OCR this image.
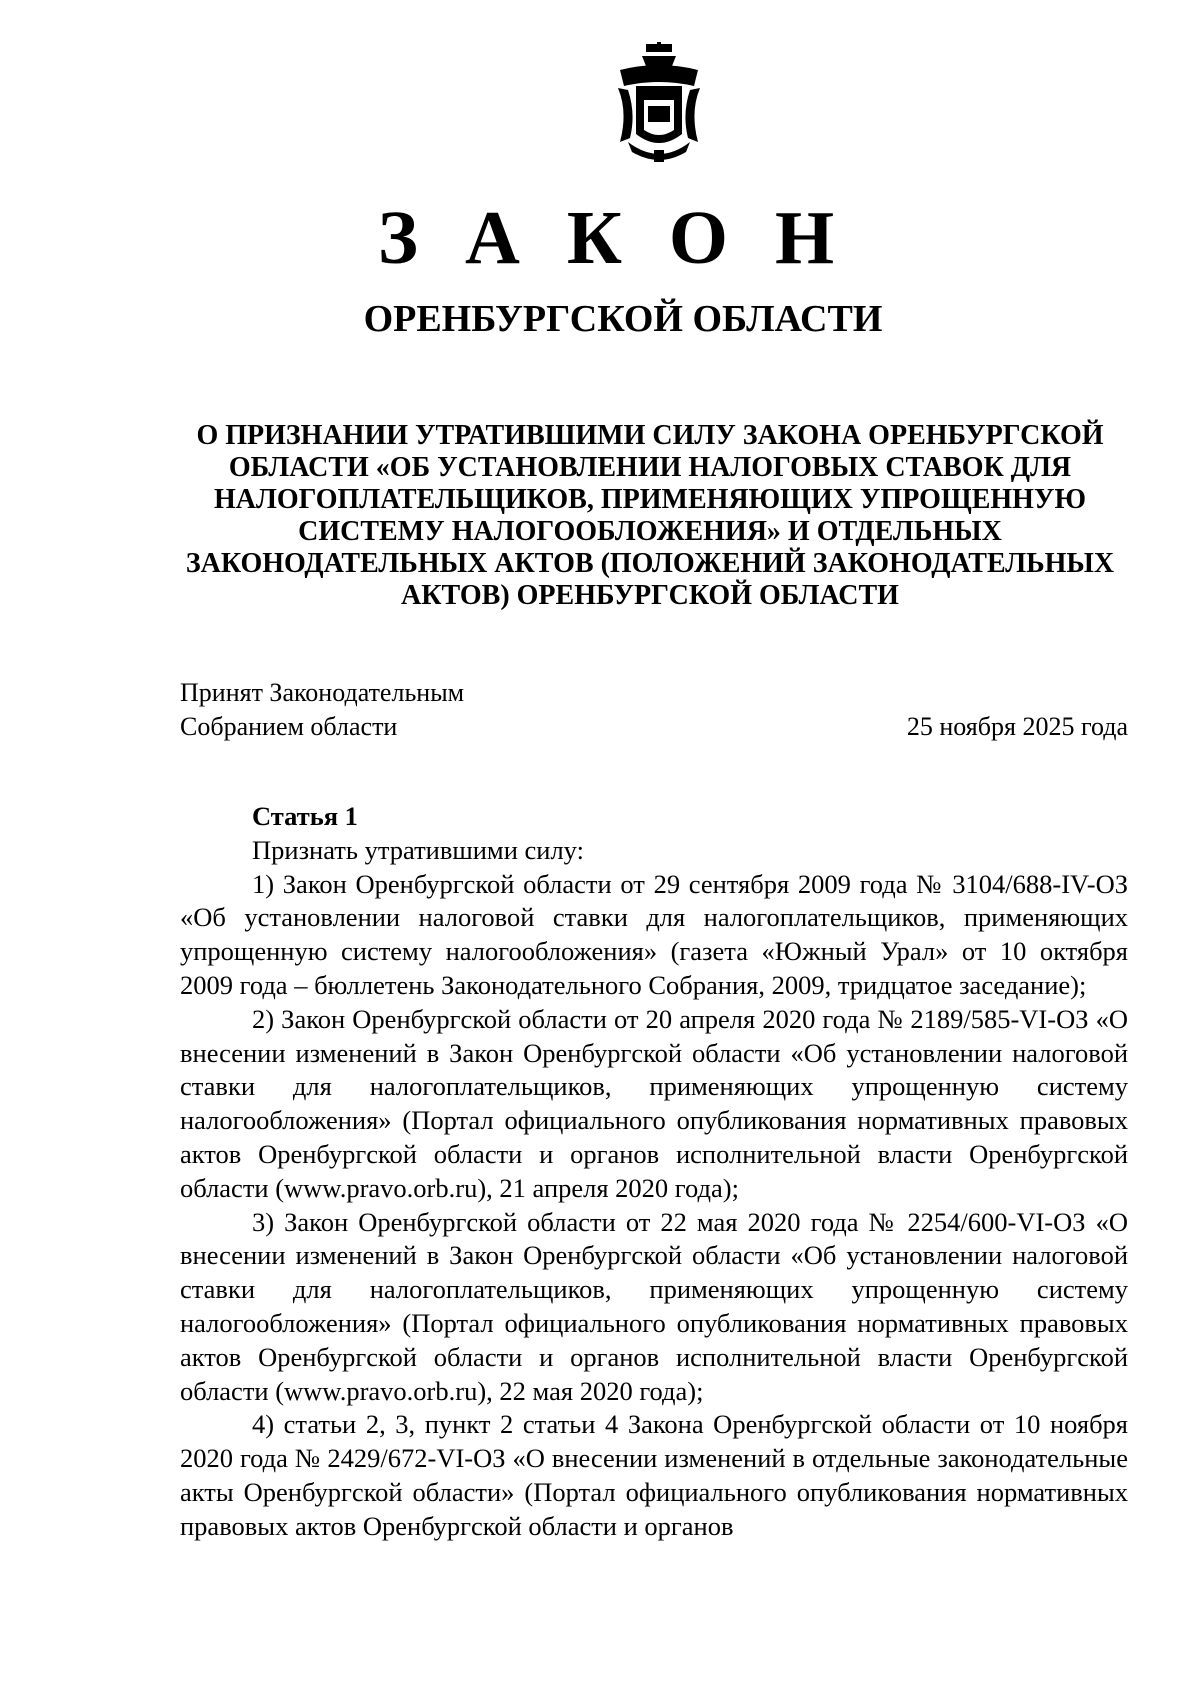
З А К О Н
ОРЕНБУРГСКОЙ ОБЛАСТИ
О ПРИЗНАНИИ УТРАТИВШИМИ СИЛУ ЗАКОНА ОРЕНБУРГСКОЙ ОБЛАСТИ «ОБ УСТАНОВЛЕНИИ НАЛОГОВЫХ СТАВОК ДЛЯ НАЛОГОПЛАТЕЛЬЩИКОВ, ПРИМЕНЯЮЩИХ УПРОЩЕННУЮ СИСТЕМУ НАЛОГООБЛОЖЕНИЯ» И ОТДЕЛЬНЫХ ЗАКОНОДАТЕЛЬНЫХ АКТОВ (ПОЛОЖЕНИЙ ЗАКОНОДАТЕЛЬНЫХ АКТОВ) ОРЕНБУРГСКОЙ ОБЛАСТИ
Принят Законодательным
Собранием области	25 ноября 2025 года
Статья 1

Признать утратившими силу:

1) Закон Оренбургской области от 29 сентября 2009 года № 3104/688-IV-ОЗ «Об установлении налоговой ставки для налогоплательщиков, применяющих упрощенную систему налогообложения» (газета «Южный Урал» от 10 октября 2009 года – бюллетень Законодательного Собрания, 2009, тридцатое заседание);

2) Закон Оренбургской области от 20 апреля 2020 года № 2189/585-VI-ОЗ «О внесении изменений в Закон Оренбургской области «Об установлении налоговой ставки для налогоплательщиков, применяющих упрощенную систему налогообложения» (Портал официального опубликования нормативных правовых актов Оренбургской области и органов исполнительной власти Оренбургской области (www.pravo.orb.ru), 21 апреля 2020 года);

3) Закон Оренбургской области от 22 мая 2020 года № 2254/600-VI-ОЗ «О внесении изменений в Закон Оренбургской области «Об установлении налоговой ставки для налогоплательщиков, применяющих упрощенную систему налогообложения» (Портал официального опубликования нормативных правовых актов Оренбургской области и органов исполнительной власти Оренбургской области (www.pravo.orb.ru), 22 мая 2020 года);

4) статьи 2, 3, пункт 2 статьи 4 Закона Оренбургской области от 10 ноября 2020 года № 2429/672-VI-ОЗ «О внесении изменений в отдельные законодательные акты Оренбургской области» (Портал официального опубликования нормативных правовых актов Оренбургской области и органов
